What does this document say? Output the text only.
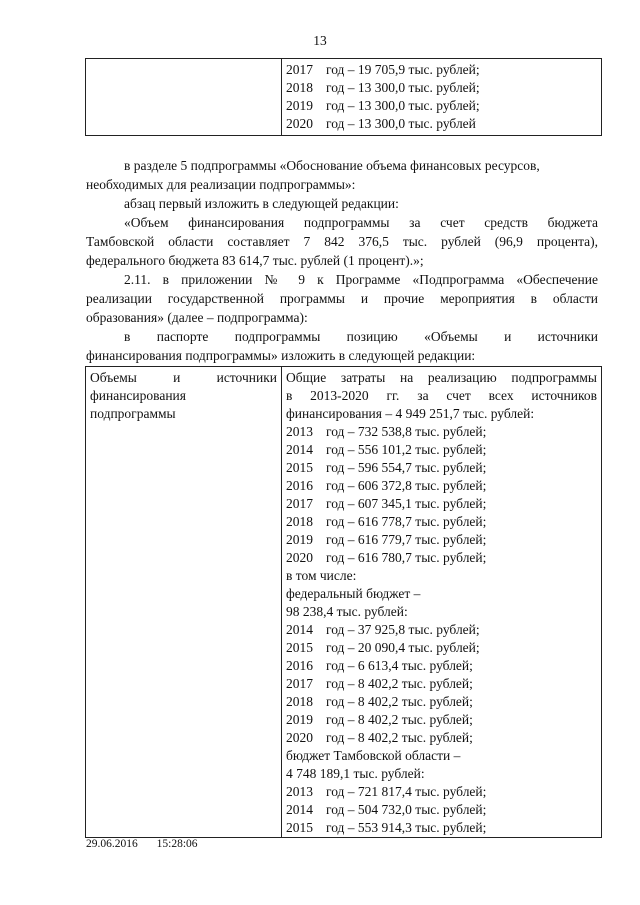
13

2017 год – 19 705,9 тыс. рублей;
2018 год – 13 300,0 тыс. рублей;
2019 год – 13 300,0 тыс. рублей;
2020 год – 13 300,0 тыс. рублей
в разделе 5 подпрограммы «Обоснование объема финансовых ресурсов,
необходимых для реализации подпрограммы»:
абзац первый изложить в следующей редакции:
«Объем финансирования подпрограммы за счет средств бюджета
Тамбовской области составляет 7 842 376,5 тыс. рублей (96,9 процента),
федерального бюджета 83 614,7 тыс. рублей (1 процент).»;
2.11. в приложении № 9 к Программе «Подпрограмма «Обеспечение
реализации государственной программы и прочие мероприятия в области
образования» (далее – подпрограмма):
в паспорте подпрограммы позицию «Объемы и источники
финансирования подпрограммы» изложить в следующей редакции:
Объемы и источники
финансирования
подпрограммы

Общие затраты на реализацию подпрограммы
в 2013-2020 гг. за счет всех источников
финансирования – 4 949 251,7 тыс. рублей:
2013 год – 732 538,8 тыс. рублей;
2014 год – 556 101,2 тыс. рублей;
2015 год – 596 554,7 тыс. рублей;
2016 год – 606 372,8 тыс. рублей;
2017 год – 607 345,1 тыс. рублей;
2018 год – 616 778,7 тыс. рублей;
2019 год – 616 779,7 тыс. рублей;
2020 год – 616 780,7 тыс. рублей;
в том числе:
федеральный бюджет –
98 238,4 тыс. рублей:
2014 год – 37 925,8 тыс. рублей;
2015 год – 20 090,4 тыс. рублей;
2016 год – 6 613,4 тыс. рублей;
2017 год – 8 402,2 тыс. рублей;
2018 год – 8 402,2 тыс. рублей;
2019 год – 8 402,2 тыс. рублей;
2020 год – 8 402,2 тыс. рублей;
бюджет Тамбовской области –
4 748 189,1 тыс. рублей:
2013 год – 721 817,4 тыс. рублей;
2014 год – 504 732,0 тыс. рублей;
2015 год – 553 914,3 тыс. рублей;
29.06.2016 15:28:06
